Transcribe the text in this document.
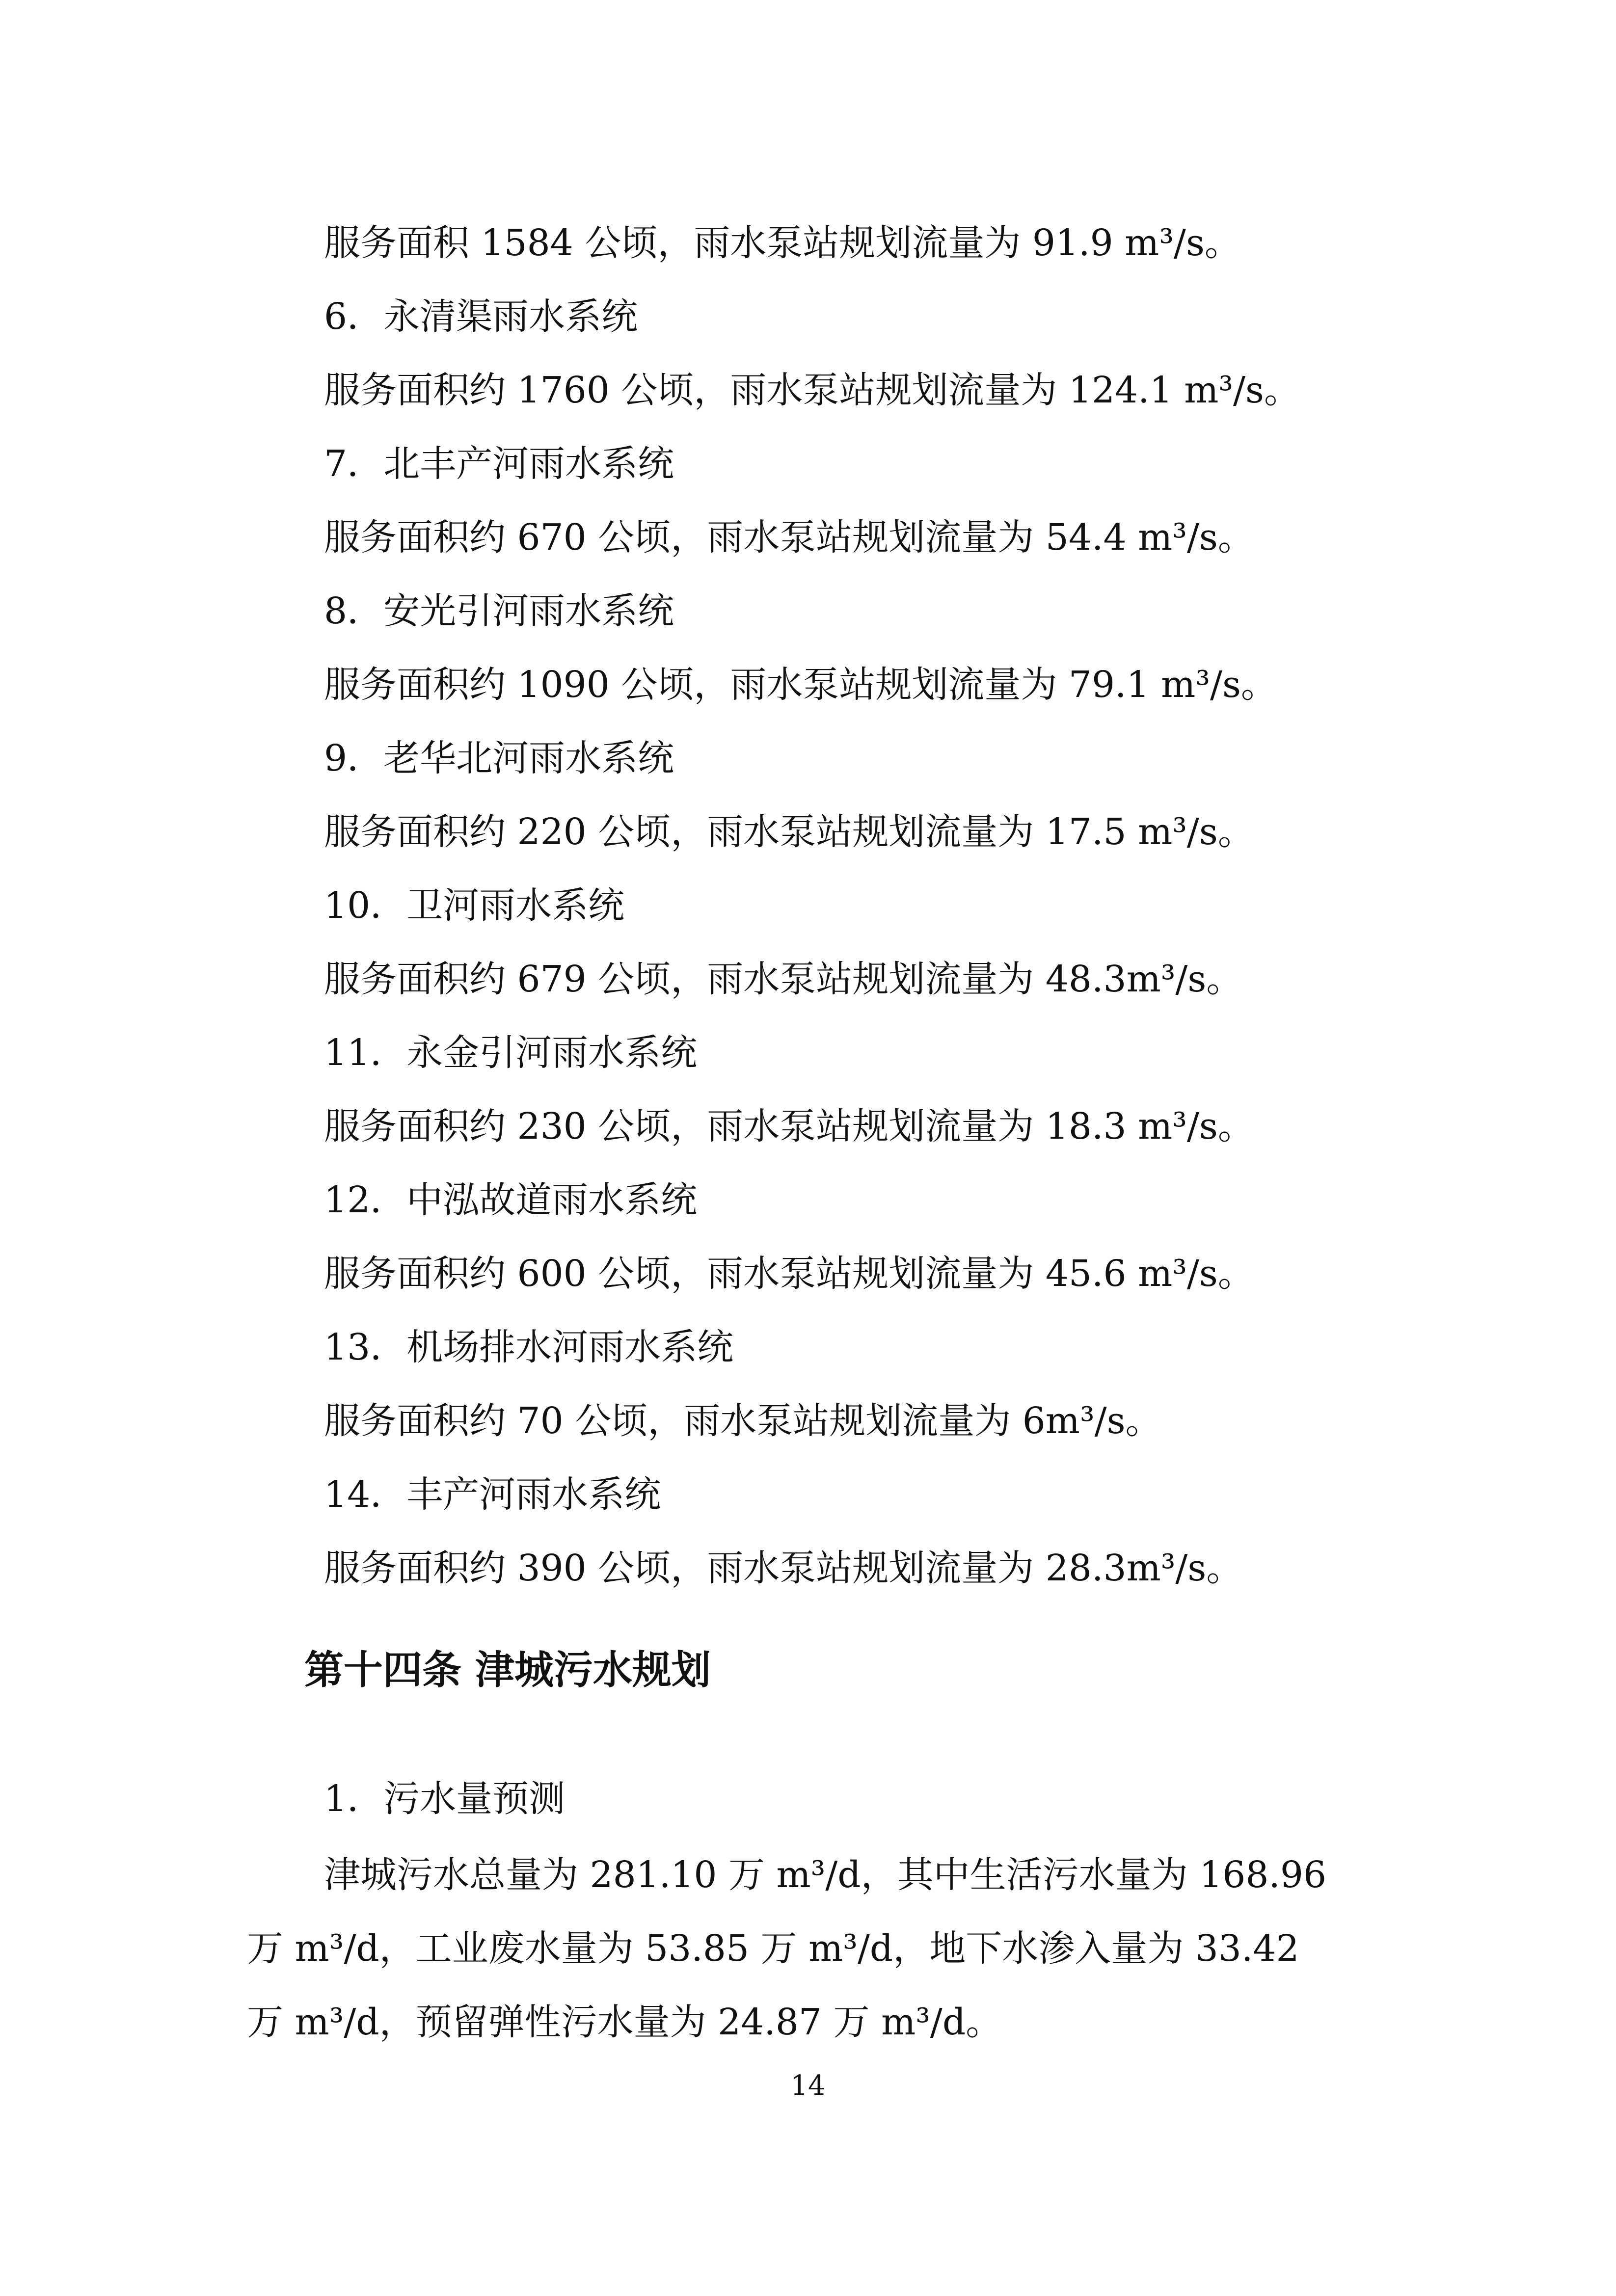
服务面积 1584 公顷，雨水泵站规划流量为 91.9 m³/s。
6．永清渠雨水系统
服务面积约 1760 公顷，雨水泵站规划流量为 124.1 m³/s。
7．北丰产河雨水系统
服务面积约 670 公顷，雨水泵站规划流量为 54.4 m³/s。
8．安光引河雨水系统
服务面积约 1090 公顷，雨水泵站规划流量为 79.1 m³/s。
9．老华北河雨水系统
服务面积约 220 公顷，雨水泵站规划流量为 17.5 m³/s。
10．卫河雨水系统
服务面积约 679 公顷，雨水泵站规划流量为 48.3m³/s。
11．永金引河雨水系统
服务面积约 230 公顷，雨水泵站规划流量为 18.3 m³/s。
12．中泓故道雨水系统
服务面积约 600 公顷，雨水泵站规划流量为 45.6 m³/s。
13．机场排水河雨水系统
服务面积约 70 公顷，雨水泵站规划流量为 6m³/s。
14．丰产河雨水系统
服务面积约 390 公顷，雨水泵站规划流量为 28.3m³/s。
第十四条 津城污水规划
1．污水量预测
津城污水总量为 281.10 万 m³/d，其中生活污水量为 168.96
万 m³/d，工业废水量为 53.85 万 m³/d，地下水渗入量为 33.42
万 m³/d，预留弹性污水量为 24.87 万 m³/d。
14
